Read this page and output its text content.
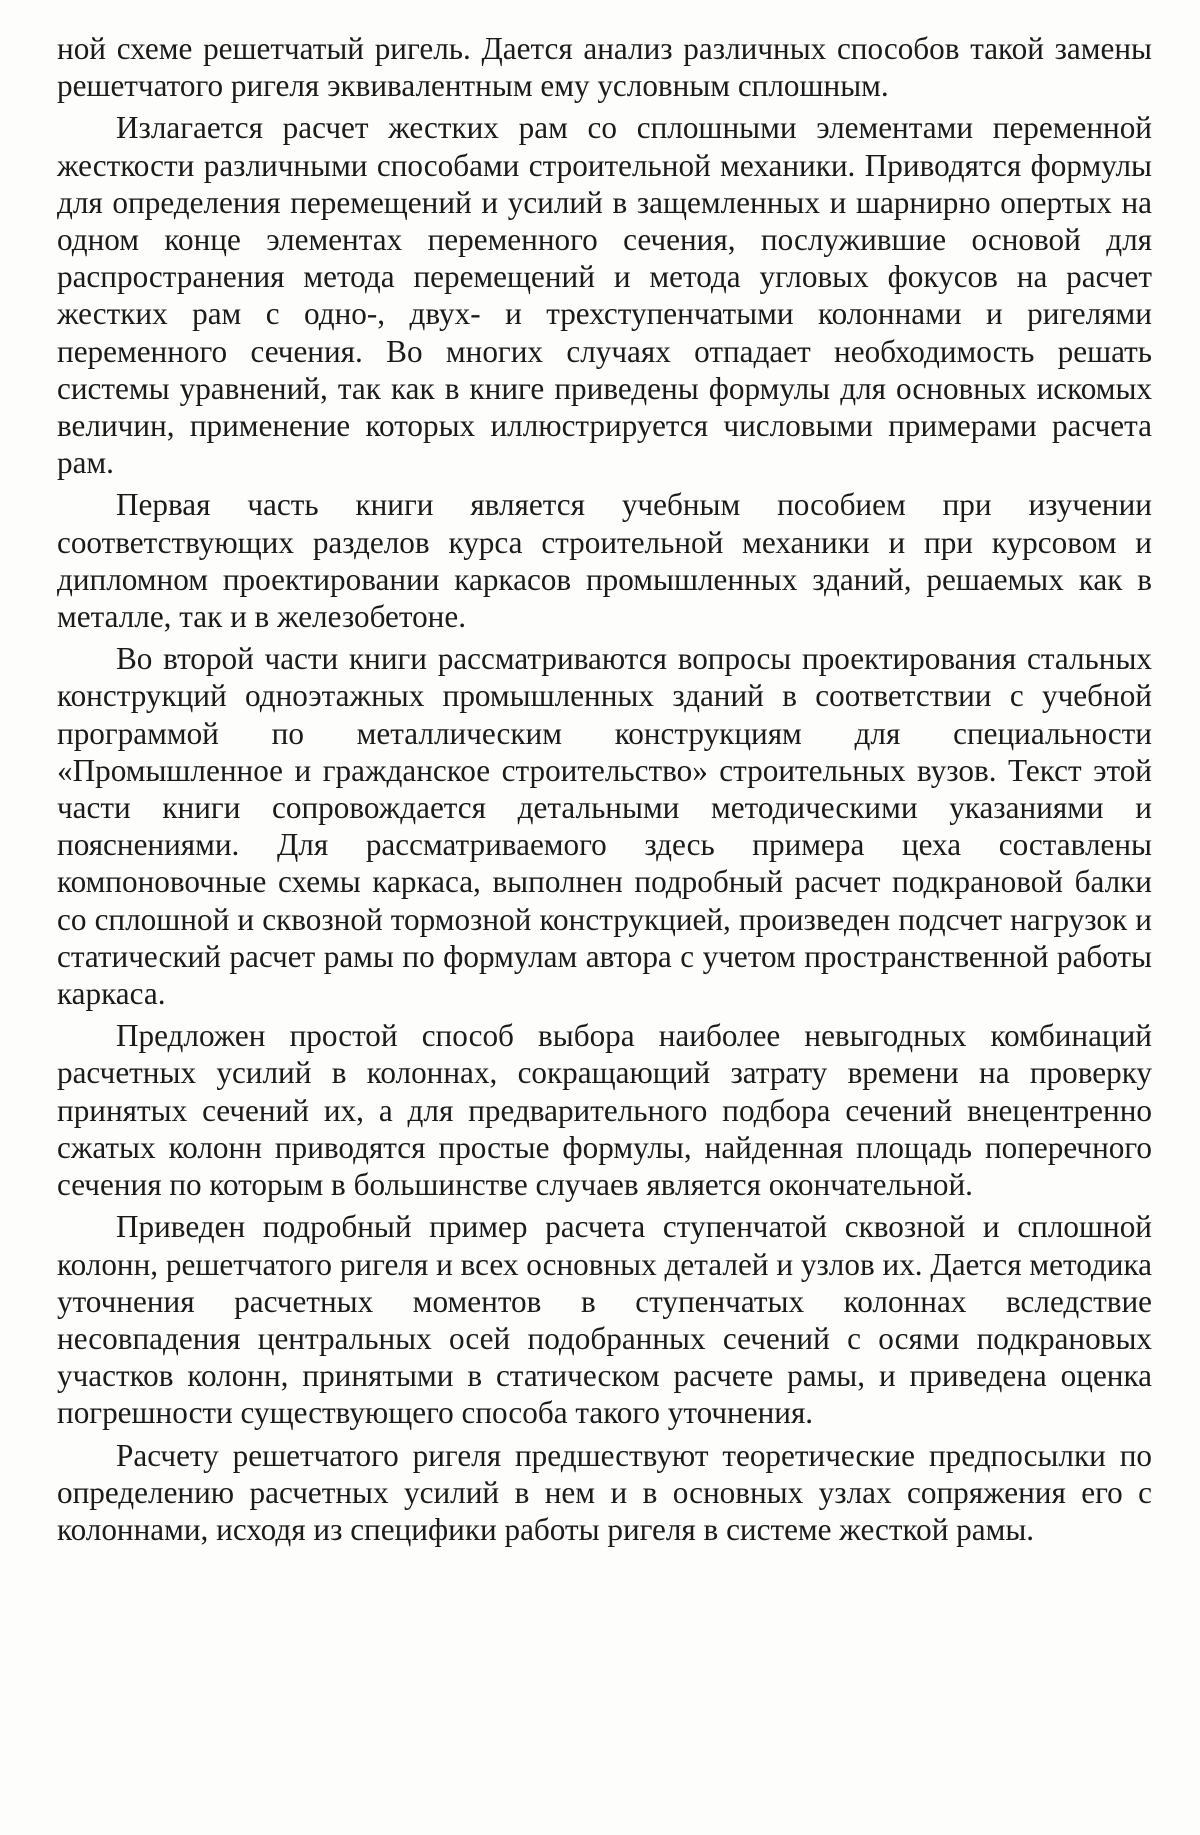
ной схеме решетчатый ригель. Дается анализ различных способов такой замены решетчатого ригеля эквивалентным ему условным сплошным.

Излагается расчет жестких рам со сплошными элементами переменной жесткости различными способами строительной механики. Приводятся формулы для определения перемещений и усилий в защемленных и шарнирно опертых на одном конце элементах переменного сечения, послужившие основой для распространения метода перемещений и метода угловых фокусов на расчет жестких рам с одно-, двух- и трехступенчатыми колоннами и ригелями переменного сечения. Во многих случаях отпадает необходимость решать системы уравнений, так как в книге приведены формулы для основных искомых величин, применение которых иллюстрируется числовыми примерами расчета рам.

Первая часть книги является учебным пособием при изучении соответствующих разделов курса строительной механики и при курсовом и дипломном проектировании каркасов промышленных зданий, решаемых как в металле, так и в железобетоне.

Во второй части книги рассматриваются вопросы проектирования стальных конструкций одноэтажных промышленных зданий в соответствии с учебной программой по металлическим конструкциям для специальности «Промышленное и гражданское строительство» строительных вузов. Текст этой части книги сопровождается детальными методическими указаниями и пояснениями. Для рассматриваемого здесь примера цеха составлены компоновочные схемы каркаса, выполнен подробный расчет подкрановой балки со сплошной и сквозной тормозной конструкцией, произведен подсчет нагрузок и статический расчет рамы по формулам автора с учетом пространственной работы каркаса.

Предложен простой способ выбора наиболее невыгодных комбинаций расчетных усилий в колоннах, сокращающий затрату времени на проверку принятых сечений их, а для предварительного подбора сечений внецентренно сжатых колонн приводятся простые формулы, найденная площадь поперечного сечения по которым в большинстве случаев является окончательной.

Приведен подробный пример расчета ступенчатой сквозной и сплошной колонн, решетчатого ригеля и всех основных деталей и узлов их. Дается методика уточнения расчетных моментов в ступенчатых колоннах вследствие несовпадения центральных осей подобранных сечений с осями подкрановых участков колонн, принятыми в статическом расчете рамы, и приведена оценка погрешности существующего способа такого уточнения.

Расчету решетчатого ригеля предшествуют теоретические предпосылки по определению расчетных усилий в нем и в основных узлах сопряжения его с колоннами, исходя из специфики работы ригеля в системе жесткой рамы.
